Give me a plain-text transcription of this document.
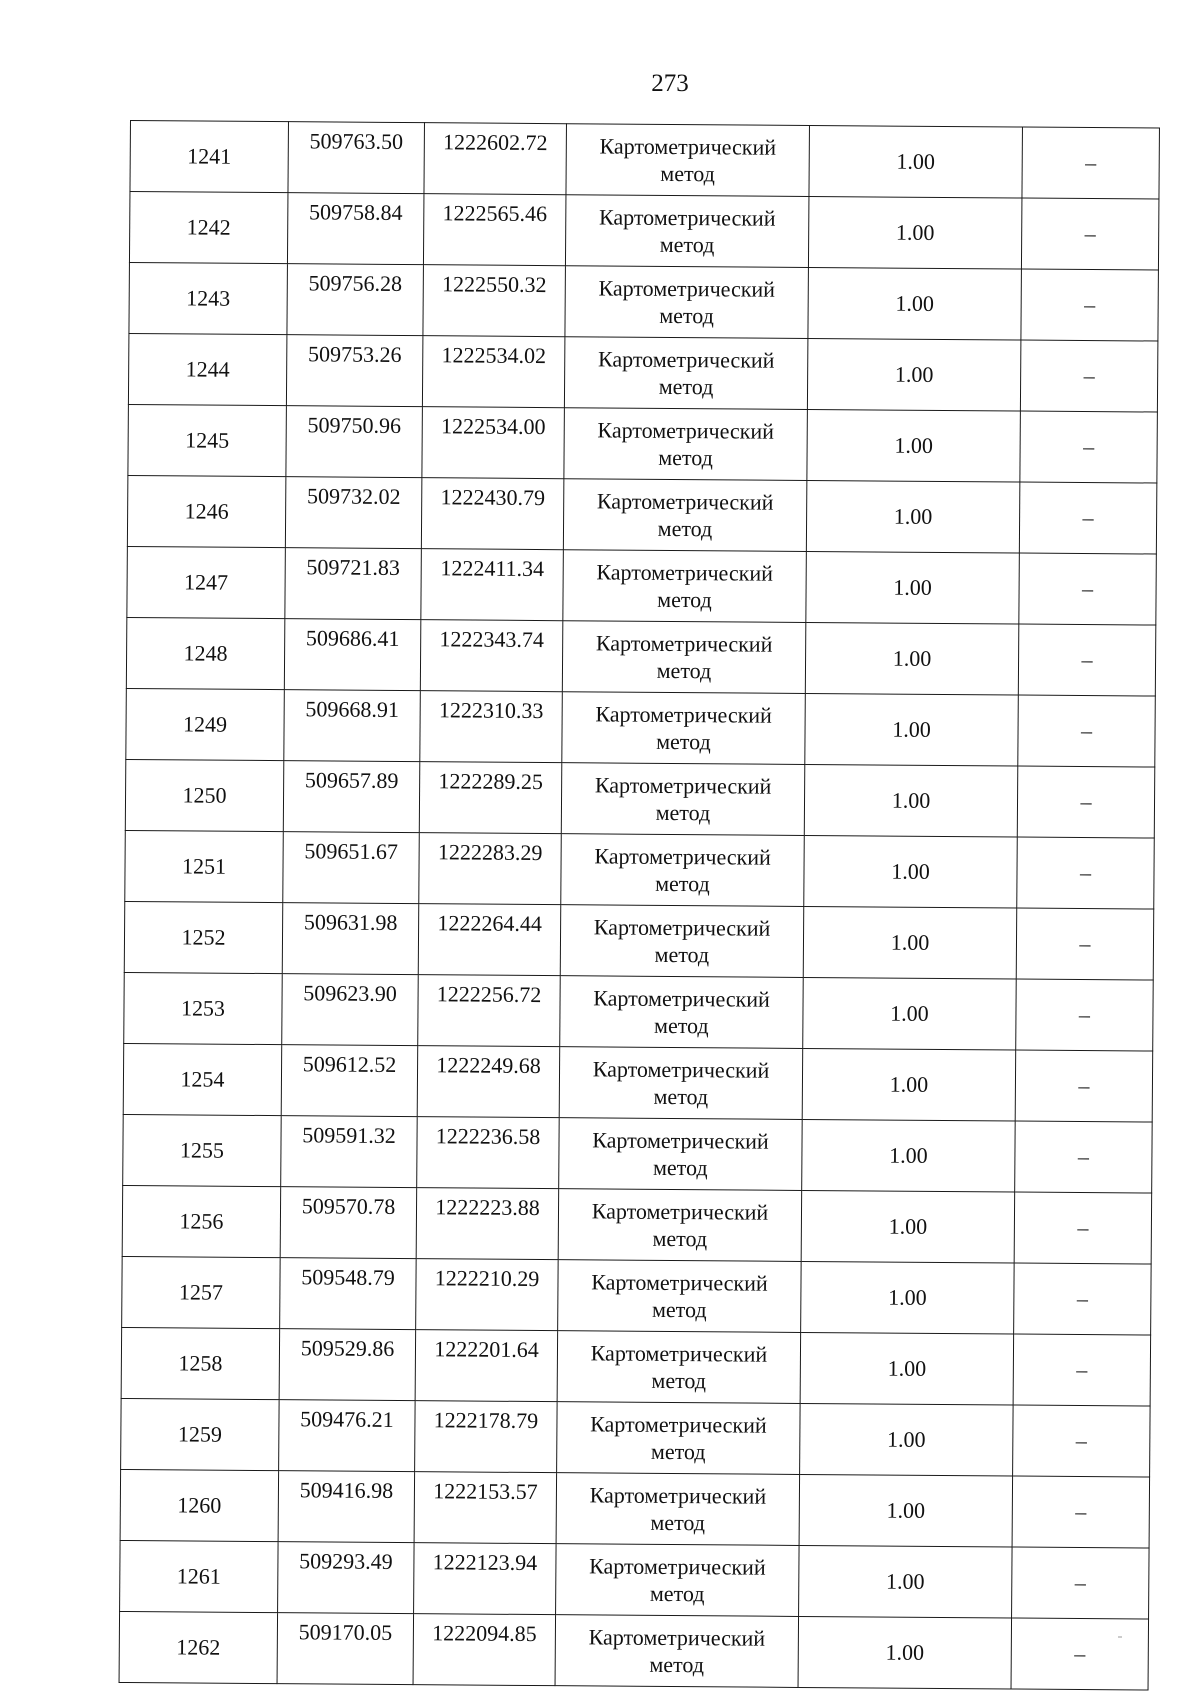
273
1241	509763.50	1222602.72	Картометрический
метод	1.00	–
1242	509758.84	1222565.46	Картометрический
метод	1.00	–
1243	509756.28	1222550.32	Картометрический
метод	1.00	–
1244	509753.26	1222534.02	Картометрический
метод	1.00	–
1245	509750.96	1222534.00	Картометрический
метод	1.00	–
1246	509732.02	1222430.79	Картометрический
метод	1.00	–
1247	509721.83	1222411.34	Картометрический
метод	1.00	–
1248	509686.41	1222343.74	Картометрический
метод	1.00	–
1249	509668.91	1222310.33	Картометрический
метод	1.00	–
1250	509657.89	1222289.25	Картометрический
метод	1.00	–
1251	509651.67	1222283.29	Картометрический
метод	1.00	–
1252	509631.98	1222264.44	Картометрический
метод	1.00	–
1253	509623.90	1222256.72	Картометрический
метод	1.00	–
1254	509612.52	1222249.68	Картометрический
метод	1.00	–
1255	509591.32	1222236.58	Картометрический
метод	1.00	–
1256	509570.78	1222223.88	Картометрический
метод	1.00	–
1257	509548.79	1222210.29	Картометрический
метод	1.00	–
1258	509529.86	1222201.64	Картометрический
метод	1.00	–
1259	509476.21	1222178.79	Картометрический
метод	1.00	–
1260	509416.98	1222153.57	Картометрический
метод	1.00	–
1261	509293.49	1222123.94	Картометрический
метод	1.00	–
1262	509170.05	1222094.85	Картометрический
метод	1.00	–
